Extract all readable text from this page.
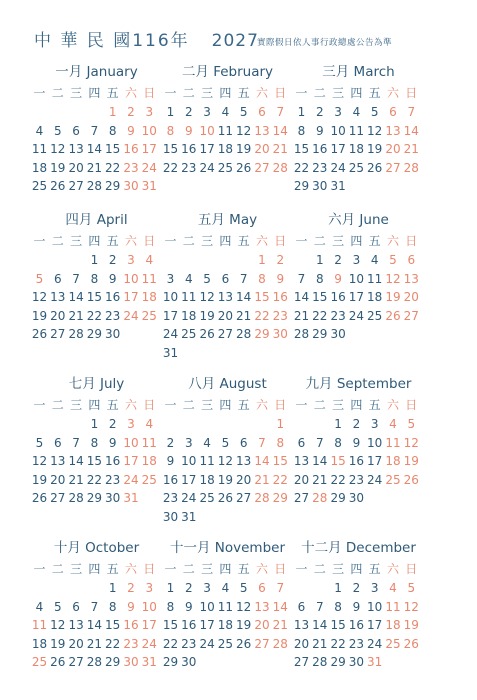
中 華 民 國116年 2027
實際假日依人事行政總處公告為準
一月 January
一 二 三 四 五 六 日
1 2 3
4 5 6 7 8 9 10
11 12 13 14 15 16 17
18 19 20 21 22 23 24
25 26 27 28 29 30 31
二月 February
一 二 三 四 五 六 日
1 2 3 4 5 6 7
8 9 10 11 12 13 14
15 16 17 18 19 20 21
22 23 24 25 26 27 28
三月 March
一 二 三 四 五 六 日
1 2 3 4 5 6 7
8 9 10 11 12 13 14
15 16 17 18 19 20 21
22 23 24 25 26 27 28
29 30 31
四月 April
一 二 三 四 五 六 日
1 2 3 4
5 6 7 8 9 10 11
12 13 14 15 16 17 18
19 20 21 22 23 24 25
26 27 28 29 30
五月 May
一 二 三 四 五 六 日
1 2
3 4 5 6 7 8 9
10 11 12 13 14 15 16
17 18 19 20 21 22 23
24 25 26 27 28 29 30
31
六月 June
一 二 三 四 五 六 日
1 2 3 4 5 6
7 8 9 10 11 12 13
14 15 16 17 18 19 20
21 22 23 24 25 26 27
28 29 30
七月 July
一 二 三 四 五 六 日
1 2 3 4
5 6 7 8 9 10 11
12 13 14 15 16 17 18
19 20 21 22 23 24 25
26 27 28 29 30 31
八月 August
一 二 三 四 五 六 日
1
2 3 4 5 6 7 8
9 10 11 12 13 14 15
16 17 18 19 20 21 22
23 24 25 26 27 28 29
30 31
九月 September
一 二 三 四 五 六 日
1 2 3 4 5
6 7 8 9 10 11 12
13 14 15 16 17 18 19
20 21 22 23 24 25 26
27 28 29 30
十月 October
一 二 三 四 五 六 日
1 2 3
4 5 6 7 8 9 10
11 12 13 14 15 16 17
18 19 20 21 22 23 24
25 26 27 28 29 30 31
十一月 November
一 二 三 四 五 六 日
1 2 3 4 5 6 7
8 9 10 11 12 13 14
15 16 17 18 19 20 21
22 23 24 25 26 27 28
29 30
十二月 December
一 二 三 四 五 六 日
1 2 3 4 5
6 7 8 9 10 11 12
13 14 15 16 17 18 19
20 21 22 23 24 25 26
27 28 29 30 31
